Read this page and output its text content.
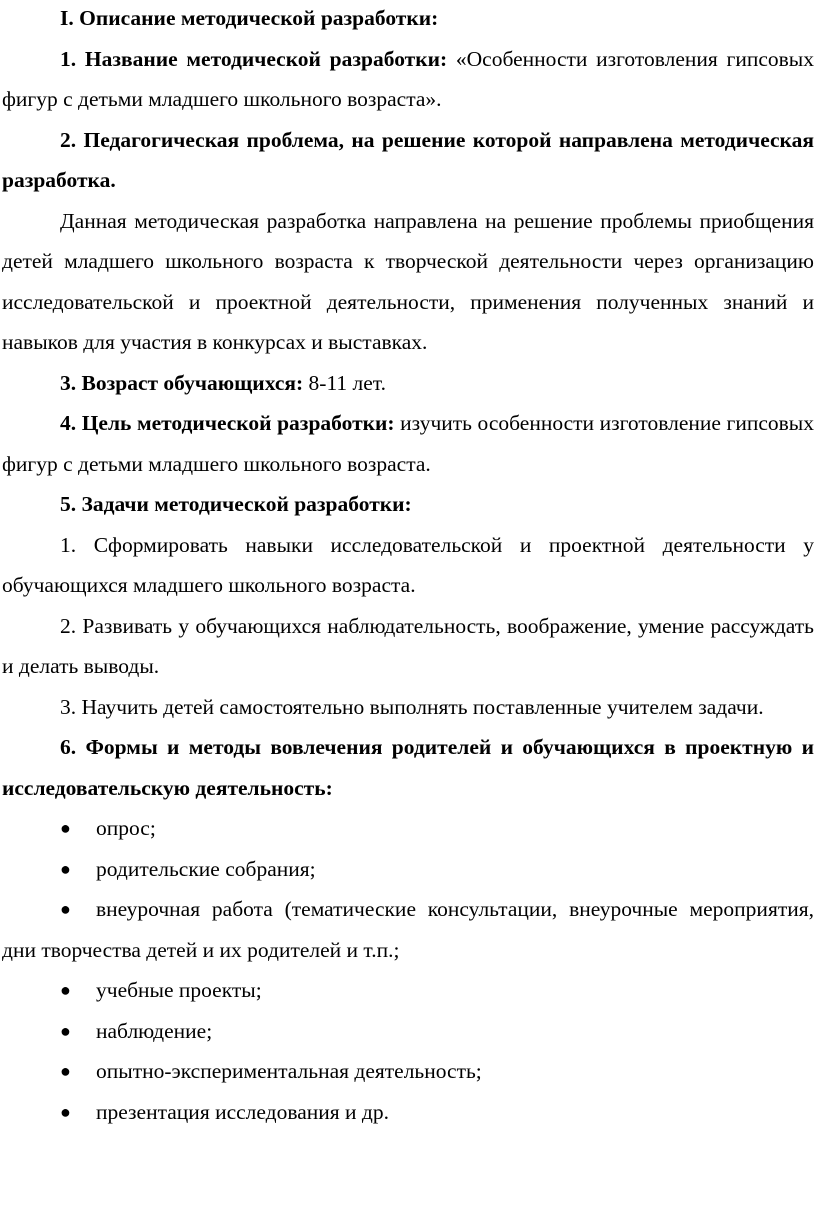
I. Описание методической разработки:

1. Название методической разработки: «Особенности изготовления гипсовых фигур с детьми младшего школьного возраста».

2. Педагогическая проблема, на решение которой направлена методическая разработка.

Данная методическая разработка направлена на решение проблемы приобщения детей младшего школьного возраста к творческой деятельности через организацию исследовательской и проектной деятельности, применения полученных знаний и навыков для участия в конкурсах и выставках.

3. Возраст обучающихся: 8-11 лет.

4. Цель методической разработки: изучить особенности изготовление гипсовых фигур с детьми младшего школьного возраста.

5. Задачи методической разработки:

1. Сформировать навыки исследовательской и проектной деятельности у обучающихся младшего школьного возраста.

2. Развивать у обучающихся наблюдательность, воображение, умение рассуждать и делать выводы.

3. Научить детей самостоятельно выполнять поставленные учителем задачи.

6. Формы и методы вовлечения родителей и обучающихся в проектную и исследовательскую деятельность:

●	опрос;

●	родительские собрания;

●	внеурочная работа (тематические консультации, внеурочные мероприятия, дни творчества детей и их родителей и т.п.;

●	учебные проекты;

●	наблюдение;

●	опытно-экспериментальная деятельность;

●	презентация исследования и др.
